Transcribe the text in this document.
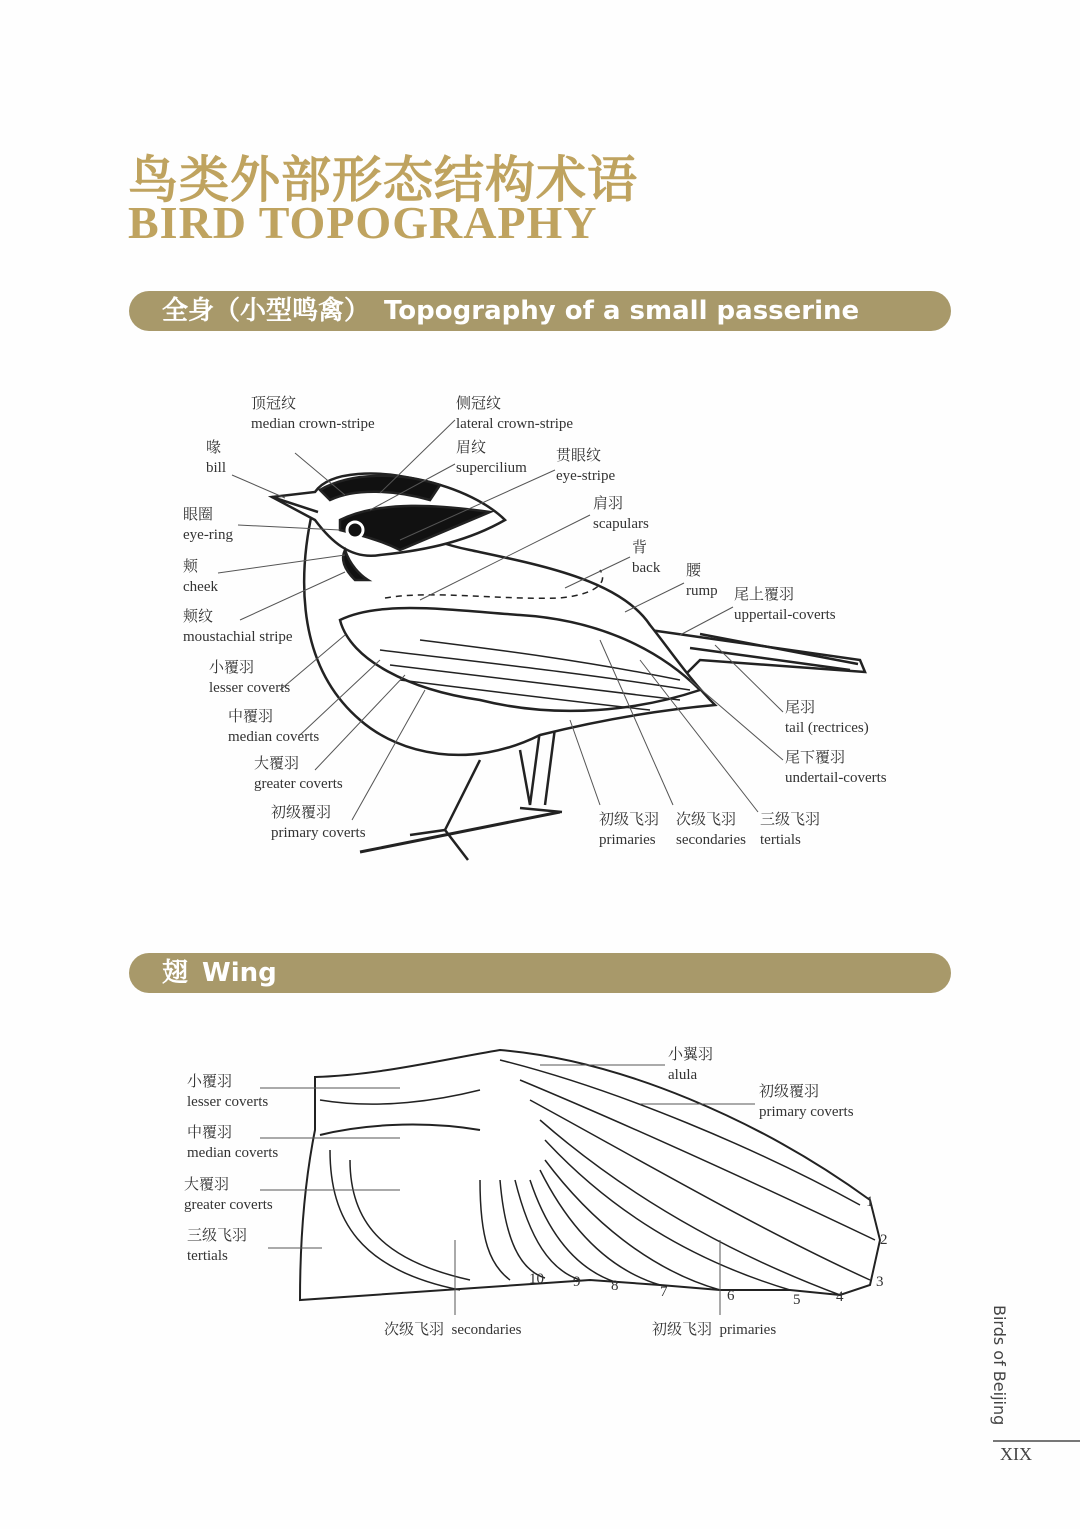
鸟类外部形态结构术语
BIRD TOPOGRAPHY
全身（小型鸣禽） Topography of a small passerine
翅 Wing
顶冠纹
median crown-stripe
侧冠纹
lateral crown-stripe
喙
bill
眉纹
supercilium
贯眼纹
eye-stripe
眼圈
eye-ring
肩羽
scapulars
颊
cheek
背
back 腰
rump 尾上覆羽
uppertail-coverts
颊纹
moustachial stripe
小覆羽
lesser coverts
尾羽
tail (rectrices)
中覆羽
median coverts
尾下覆羽
undertail-coverts
大覆羽
greater coverts
初级覆羽
primary coverts
初级飞羽
primaries
次级飞羽
secondaries
三级飞羽
tertials
小覆羽
lesser coverts
中覆羽
median coverts
大覆羽
greater coverts
三级飞羽
tertials
小翼羽
alula
初级覆羽
primary coverts
次级飞羽 secondaries	初级飞羽 primaries
1
2
3
4
5
6
7
8
9
10
Birds of Beijing
XIX
